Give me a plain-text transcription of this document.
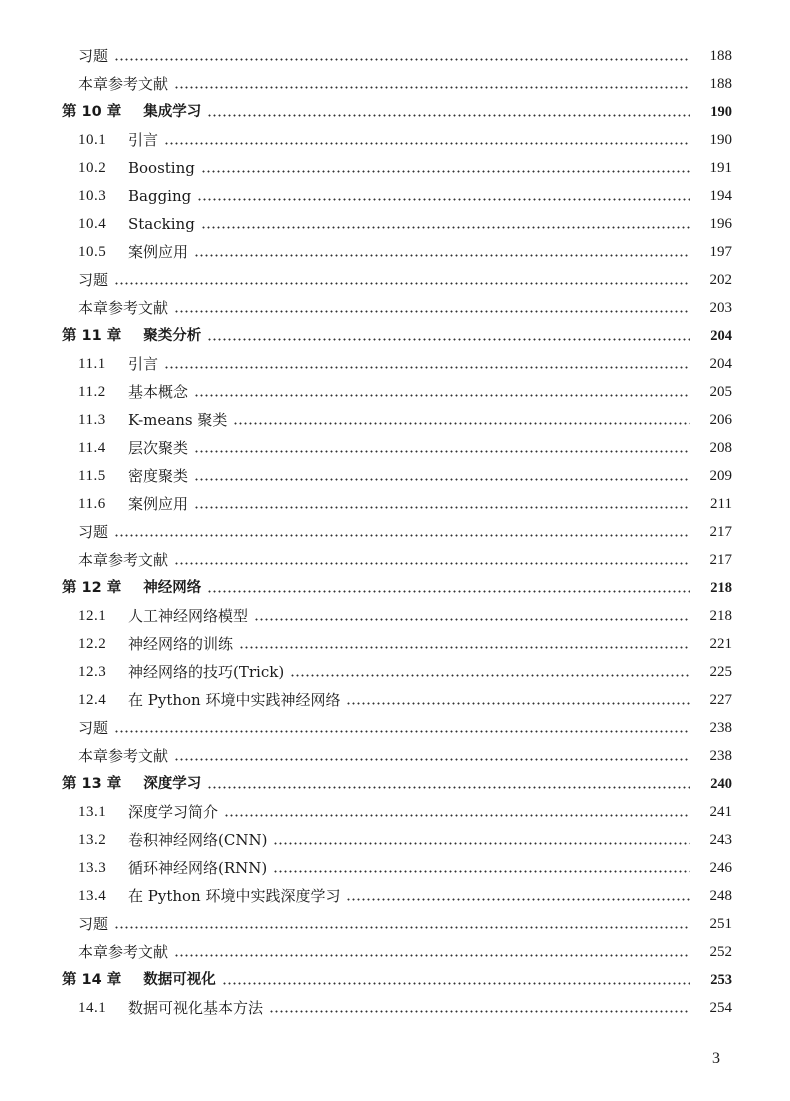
习题	188
本章参考文献	188
第 10 章 集成学习	190
10.1	引言	190
10.2	Boosting	191
10.3	Bagging	194
10.4	Stacking	196
10.5	案例应用	197
习题	202
本章参考文献	203
第 11 章 聚类分析	204
11.1	引言	204
11.2	基本概念	205
11.3	K-means 聚类	206
11.4	层次聚类	208
11.5	密度聚类	209
11.6	案例应用	211
习题	217
本章参考文献	217
第 12 章 神经网络	218
12.1	人工神经网络模型	218
12.2	神经网络的训练	221
12.3	神经网络的技巧(Trick)	225
12.4	在 Python 环境中实践神经网络	227
习题	238
本章参考文献	238
第 13 章 深度学习	240
13.1	深度学习简介	241
13.2	卷积神经网络(CNN)	243
13.3	循环神经网络(RNN)	246
13.4	在 Python 环境中实践深度学习	248
习题	251
本章参考文献	252
第 14 章 数据可视化	253
14.1	数据可视化基本方法	254
3
